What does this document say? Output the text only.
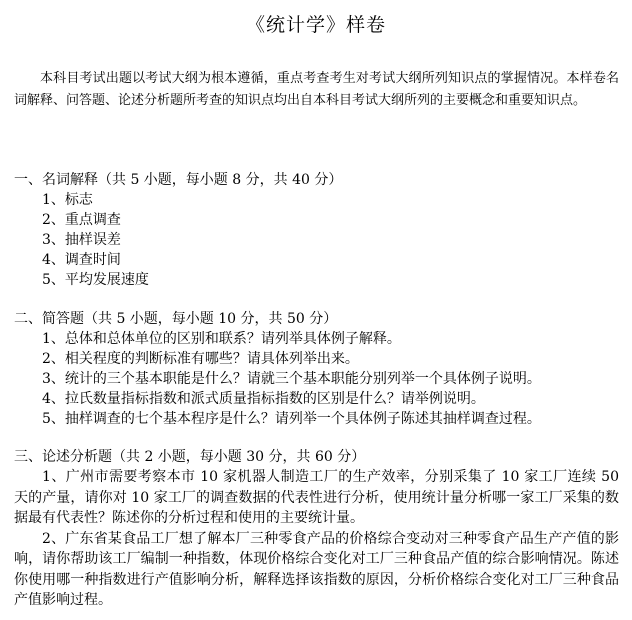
《统计学》样卷
本科目考试出题以考试大纲为根本遵循，重点考查考生对考试大纲所列知识点的掌握情况。本样卷名词解释、问答题、论述分析题所考查的知识点均出自本科目考试大纲所列的主要概念和重要知识点。
一、名词解释（共 5 小题，每小题 8 分，共 40 分）
1、标志
2、重点调查
3、抽样误差
4、调查时间
5、平均发展速度
二、简答题（共 5 小题，每小题 10 分，共 50 分）
1、总体和总体单位的区别和联系？请列举具体例子解释。
2、相关程度的判断标准有哪些？请具体列举出来。
3、统计的三个基本职能是什么？请就三个基本职能分别列举一个具体例子说明。
4、拉氏数量指标指数和派式质量指标指数的区别是什么？请举例说明。
5、抽样调查的七个基本程序是什么？请列举一个具体例子陈述其抽样调查过程。
三、论述分析题（共 2 小题，每小题 30 分，共 60 分）
1、广州市需要考察本市 10 家机器人制造工厂的生产效率，分别采集了 10 家工厂连续 50 天的产量，请你对 10 家工厂的调查数据的代表性进行分析，使用统计量分析哪一家工厂采集的数据最有代表性？陈述你的分析过程和使用的主要统计量。
2、广东省某食品工厂想了解本厂三种零食产品的价格综合变动对三种零食产品生产产值的影响，请你帮助该工厂编制一种指数，体现价格综合变化对工厂三种食品产值的综合影响情况。陈述你使用哪一种指数进行产值影响分析，解释选择该指数的原因，分析价格综合变化对工厂三种食品产值影响过程。
